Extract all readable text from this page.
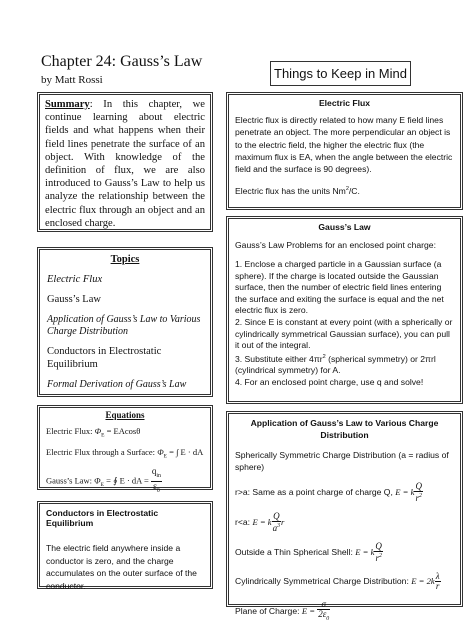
Chapter 24: Gauss’s Law
by Matt Rossi	Things to Keep in Mind

Summary: In this chapter, we continue learning about electric fields and what happens when their field lines penetrate the surface of an object. With knowledge of the definition of flux, we are also introduced to Gauss’s Law to help us analyze the relationship between the electric flux through an object and an enclosed charge.

Topics
Electric Flux
Gauss’s Law
Application of Gauss’s Law to Various Charge Distribution
Conductors in Electrostatic Equilibrium
Formal Derivation of Gauss’s Law
Equations
Electric Flux: $\Phi_E = EAcos\theta$
Electric Flux through a Surface: $\Phi_E$ = ∫ E · dA
Gauss’s Law: $\Phi_E$ = ∮ E · dA = $\frac{q_{in}}{\varepsilon_0}$
Conductors in Electrostatic Equilibrium

The electric field anywhere inside a conductor is zero, and the charge accumulates on the outer surface of the conductor.

Electric Flux

Electric flux is directly related to how many E field lines penetrate an object. The more perpendicular an object is to the electric field, the higher the electric flux (the maximum flux is EA, when the angle between the electric field and the surface is 90 degrees).

Electric flux has the units Nm$^2$/C.

Gauss’s Law

Gauss’s Law Problems for an enclosed point charge:

1. Enclose a charged particle in a Gaussian surface (a sphere). If the charge is located outside the Gaussian surface, then the number of electric field lines entering the surface and exiting the surface is equal and the net electric flux is zero.

2. Since E is constant at every point (with a spherically or cylindrically symmetrical Gaussian surface), you can pull it out of the integral.

3. Substitute either $4\pi r^2$ (spherical symmetry) or 2πrl (cylindrical symmetry) for A.

4. For an enclosed point charge, use q and solve!

Application of Gauss’s Law to Various Charge Distribution

Spherically Symmetric Charge Distribution (a = radius of sphere)

r>a: Same as a point charge of charge Q, E = k $\frac{Q}{r^2}$

r<a: E = k $\frac{Q}{a^3}$ r

Outside a Thin Spherical Shell: E = k $\frac{Q}{r^2}$

Cylindrically Symmetrical Charge Distribution: $E = 2k \frac{\lambda}{r}$

Plane of Charge: $E = \frac{\sigma}{2\varepsilon_0}$
